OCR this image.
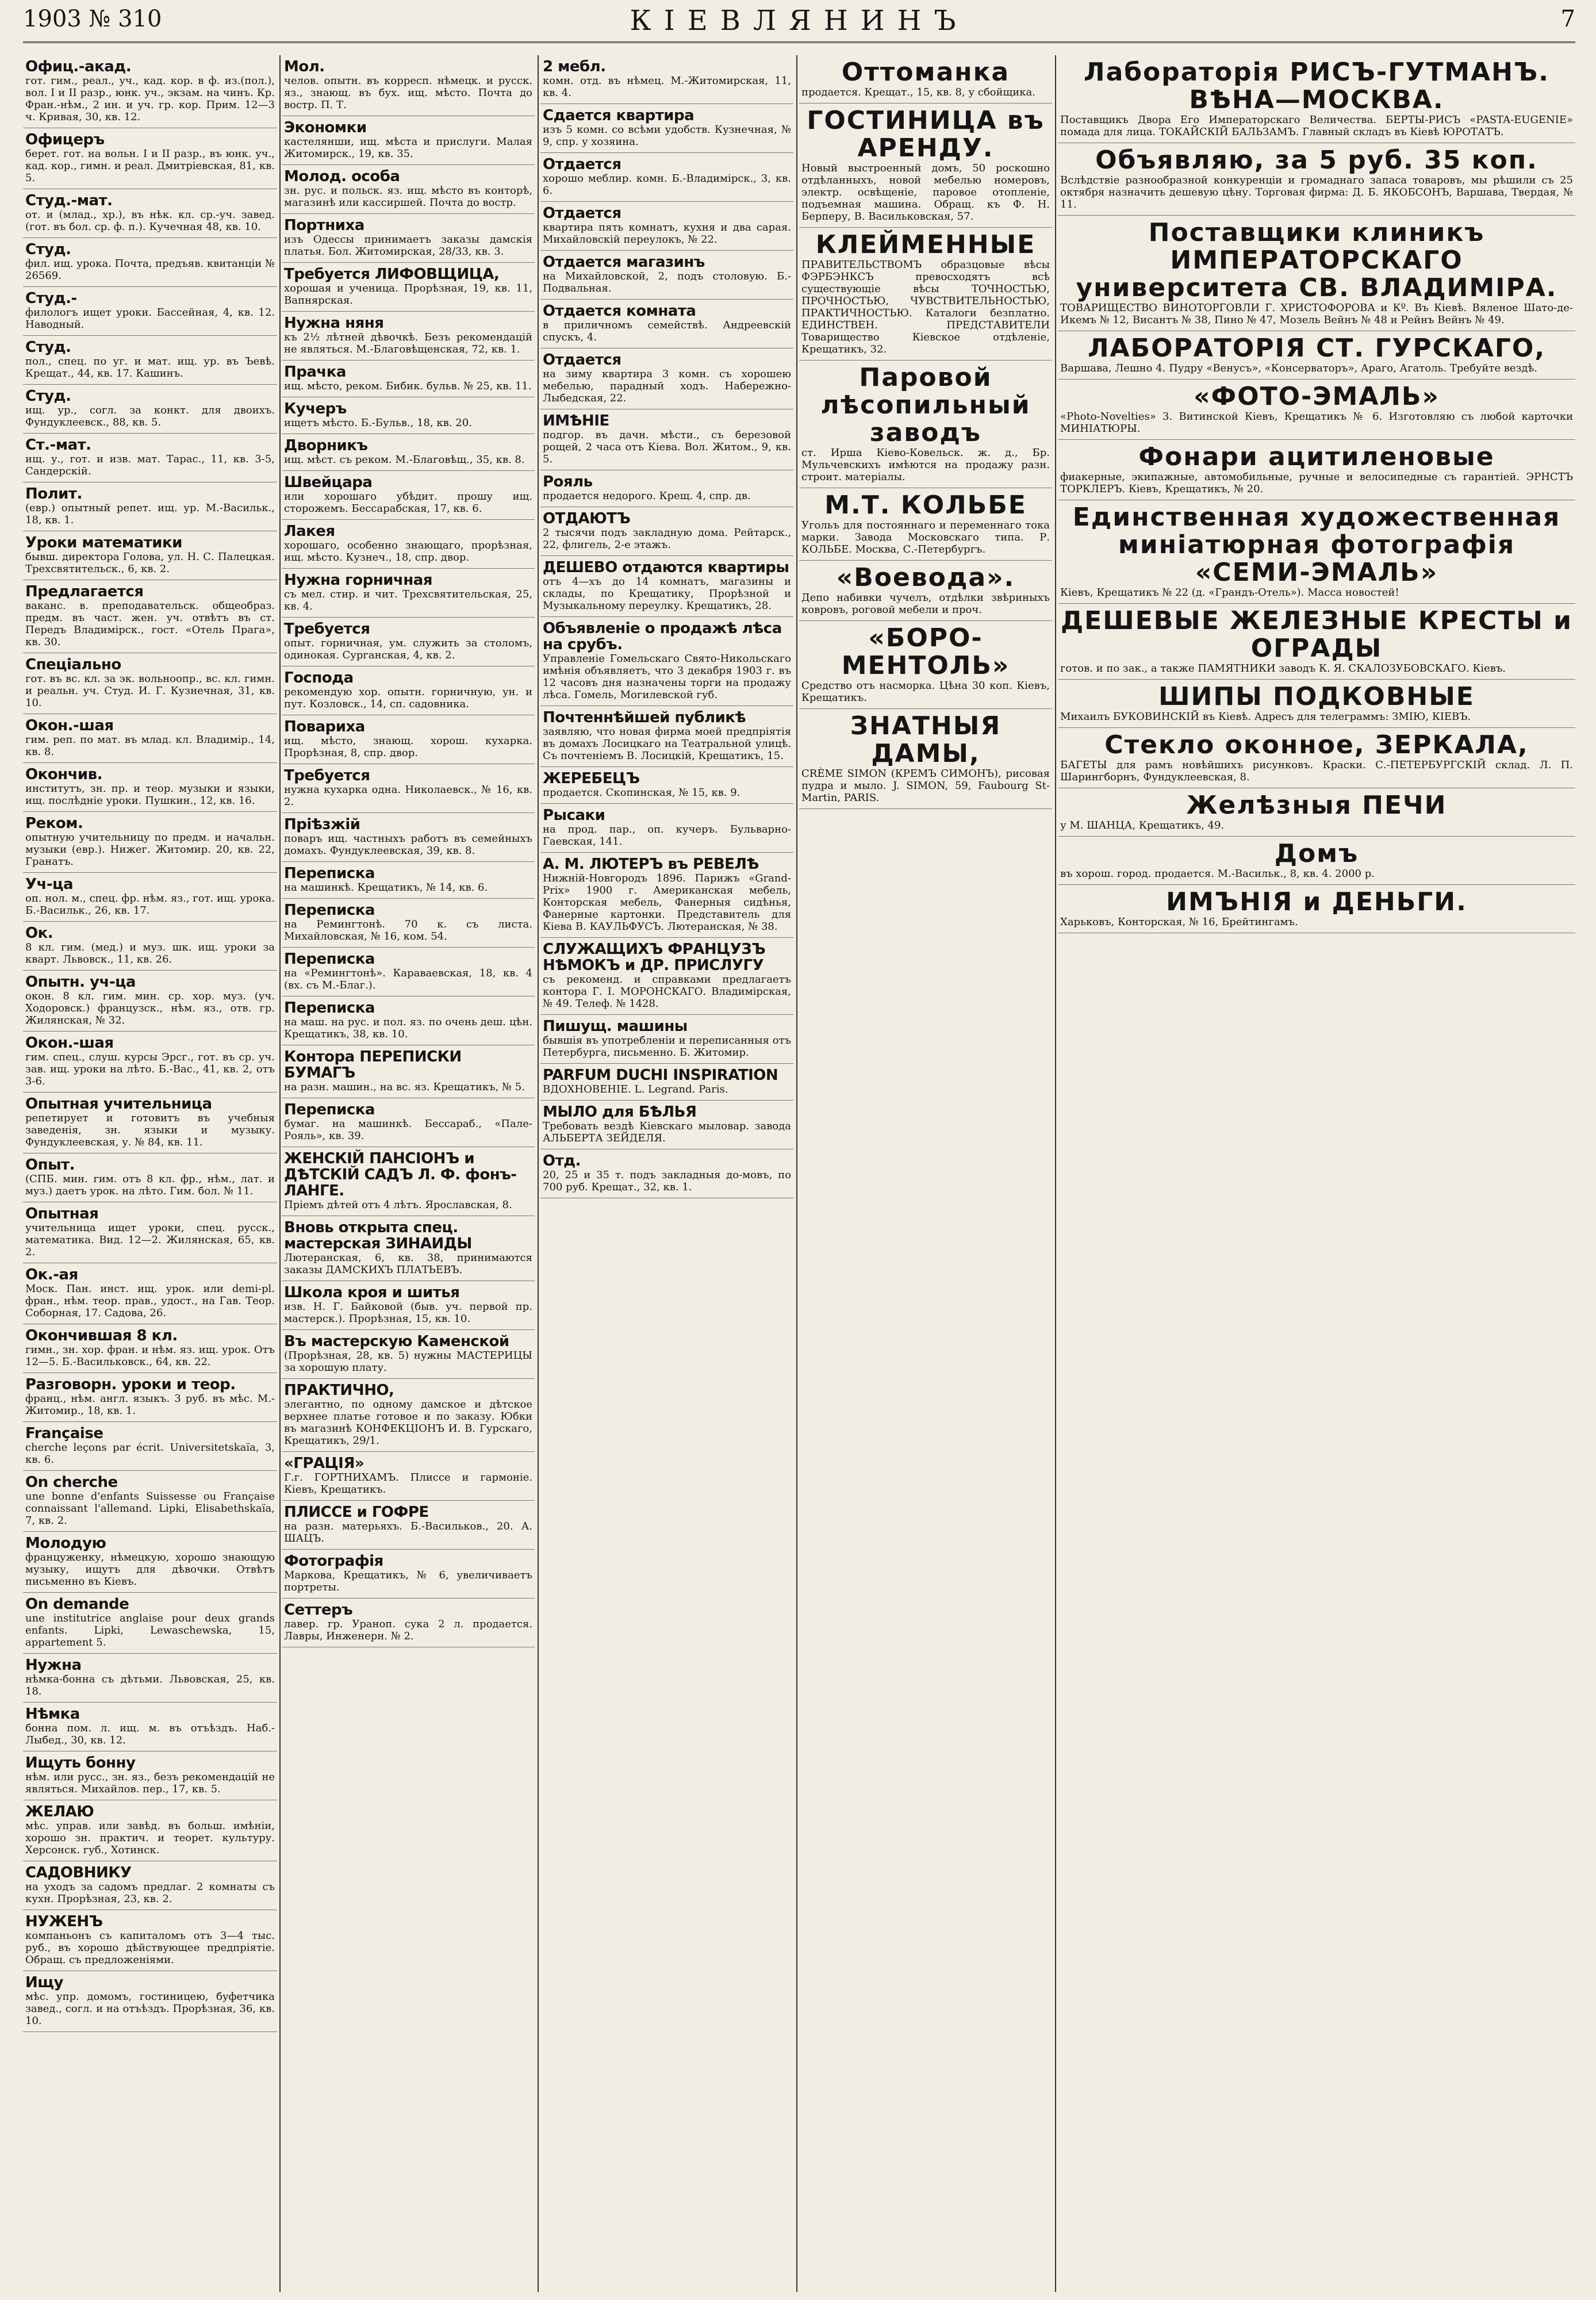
1903 № 310	КІЕВЛЯНИНЪ	7
Офиц.-акад.
гот. гим., реал., уч., кад. кор. в ф. из.(пол.), вол. I и II разр., юнк. уч., экзам. на чинъ. Кр. Фран.-нѣм., 2 ин. и уч. гр. кор. Прим. 12—3 ч. Кривая, 30, кв. 12.
Офицеръ
берет. гот. на вольн. I и II разр., въ юнк. уч., кад. кор., гимн. и реал. Дмитріевская, 81, кв. 5.
Студ.-мат.
от. и (млад., хр.), въ нѣк. кл. ср.-уч. завед. (гот. въ бол. ср. ф. п.). Кучечная 48, кв. 10.
Студ.
фил. ищ. урока. Почта, предъяв. квитанціи № 26569.
Студ.-
филологъ ищет уроки. Бассейная, 4, кв. 12. Наводный.
Студ.
пол., спец. по уг. и мат. ищ. ур. въ Ъевѣ. Крещат., 44, кв. 17. Кашинъ.
Студ.
ищ. ур., согл. за конкт. для двоихъ. Фундуклеевск., 88, кв. 5.
Ст.-мат.
ищ. у., гот. и изв. мат. Тарас., 11, кв. 3-5, Сандерскій.
Полит.
(евр.) опытный репет. ищ. ур. М.-Васильк., 18, кв. 1.
Уроки математики
бывш. директора Голова, ул. Н. С. Палецкая. Трехсвятительск., 6, кв. 2.
Предлагается
ваканс. в. преподавательск. общеобраз. предм. въ част. жен. уч. отвѣтъ въ ст. Передъ Владимірск., гост. «Отель Прага», кв. 30.
Спеціально
гот. въ вс. кл. за эк. вольноопр., вс. кл. гимн. и реальн. уч. Студ. И. Г. Кузнечная, 31, кв. 10.
Окон.-шая
гим. реп. по мат. въ млад. кл. Владимір., 14, кв. 8.
Окончив.
институтъ, зн. пр. и теор. музыки и языки, ищ. послѣдніе уроки. Пушкин., 12, кв. 16.
Реком.
опытную учительницу по предм. и начальн. музыки (евр.). Нижег. Житомир. 20, кв. 22, Гранатъ.
Уч-ца
оп. нол. м., спец. фр. нѣм. яз., гот. ищ. урока. Б.-Васильк., 26, кв. 17.
Ок.
8 кл. гим. (мед.) и муз. шк. ищ. уроки за кварт. Львовск., 11, кв. 26.
Опытн. уч-ца
окон. 8 кл. гим. мин. ср. хор. муз. (уч. Ходоровск.) французск., нѣм. яз., отв. гр. Жилянская, № 32.
Окон.-шая
гим. спец., слуш. курсы Эрсг., гот. въ ср. уч. зав. ищ. уроки на лѣто. Б.-Вас., 41, кв. 2, отъ 3-6.
Опытная учительница
репетирует и готовитъ въ учебныя заведенія, зн. языки и музыку. Фундуклеевская, у. № 84, кв. 11.
Опыт.
(СПБ. мин. гим. отъ 8 кл. фр., нѣм., лат. и муз.) даетъ урок. на лѣто. Гим. бол. № 11.
Опытная
учительница ищет уроки, спец. русск., математика. Вид. 12—2. Жилянская, 65, кв. 2.
Ок.-ая
Моск. Пан. инст. ищ. урок. или demi-pl. фран., нѣм. теор. прав., удост., на Гав. Теор. Соборная, 17. Садова, 26.
Окончившая 8 кл.
гимн., зн. хор. фран. и нѣм. яз. ищ. урок. Отъ 12—5. Б.-Васильковск., 64, кв. 22.
Разговорн. уроки и теор.
франц., нѣм. англ. языкъ. 3 руб. въ мѣс. М.-Житомир., 18, кв. 1.
Française
cherche leçons par écrit. Universitetskaïa, 3, кв. 6.
On cherche
une bonne d'enfants Suissesse ou Française connaissant l'allemand. Lipki, Elisabethskaïa, 7, кв. 2.
Молодую
француженку, нѣмецкую, хорошо знающую музыку, ищутъ для дѣвочки. Отвѣтъ письменно въ Кіевъ.
On demande
une institutrice anglaise pour deux grands enfants. Lipki, Lewaschewska, 15, appartement 5.
Нужна
нѣмка-бонна съ дѣтьми. Львовская, 25, кв. 18.
Нѣмка
бонна пом. л. ищ. м. въ отъѣздъ. Наб.-Лыбед., 30, кв. 12.
Ищуть бонну
нѣм. или русс., зн. яз., безъ рекомендацій не являться. Михайлов. пер., 17, кв. 5.
ЖЕЛАЮ
мѣс. управ. или завѣд. въ больш. имѣніи, хорошо зн. практич. и теорет. культуру. Херсонск. губ., Хотинск.
САДОВНИКУ
на уходъ за садомъ предлаг. 2 комнаты съ кухн. Прорѣзная, 23, кв. 2.
НУЖЕНЪ
компаньонъ съ капиталомъ отъ 3—4 тыс. руб., въ хорошо дѣйствующее предпріятіе. Обращ. съ предложеніями.
Ищу
мѣс. упр. домомъ, гостиницею, буфетчика завед., согл. и на отъѣздъ. Прорѣзная, 36, кв. 10.
Мол.
челов. опытн. въ корресп. нѣмецк. и русск. яз., знающ. въ бух. ищ. мѣсто. Почта до востр. П. Т.
Экономки
кастелянши, ищ. мѣста и прислуги. Малая Житомирск., 19, кв. 35.
Молод. особа
зн. рус. и польск. яз. ищ. мѣсто въ конторѣ, магазинѣ или кассиршей. Почта до востр.
Портниха
изъ Одессы принимаетъ заказы дамскія платья. Бол. Житомирская, 28/33, кв. 3.
Требуется ЛИФОВЩИЦА,
хорошая и ученица. Прорѣзная, 19, кв. 11, Вапнярская.
Нужна няня
къ 2½ лѣтней дѣвочкѣ. Безъ рекомендацій не являться. М.-Благовѣщенская, 72, кв. 1.
Прачка
ищ. мѣсто, реком. Бибик. бульв. № 25, кв. 11.
Кучеръ
ищетъ мѣсто. Б.-Бульв., 18, кв. 20.
Дворникъ
ищ. мѣст. съ реком. М.-Благовѣщ., 35, кв. 8.
Швейцара
или хорошаго убѣдит. прошу ищ. сторожемъ. Бессарабская, 17, кв. 6.
Лакея
хорошаго, особенно знающаго, прорѣзная, ищ. мѣсто. Кузнеч., 18, спр. двор.
Нужна горничная
съ мел. стир. и чит. Трехсвятительская, 25, кв. 4.
Требуется
опыт. горничная, ум. служить за столомъ, одинокая. Сурганская, 4, кв. 2.
Господа
рекомендую хор. опытн. горничную, ун. и пут. Козловск., 14, сп. садовника.
Повариха
ищ. мѣсто, знающ. хорош. кухарка. Прорѣзная, 8, спр. двор.
Требуется
нужна кухарка одна. Николаевск., № 16, кв. 2.
Пріѣзжій
поваръ ищ. частныхъ работъ въ семейныхъ домахъ. Фундуклеевская, 39, кв. 8.
Переписка
на машинкѣ. Крещатикъ, № 14, кв. 6.
Переписка
на Ремингтонѣ. 70 к. съ листа. Михайловская, № 16, ком. 54.
Переписка
на «Ремингтонѣ». Караваевская, 18, кв. 4 (вх. съ М.-Благ.).
Переписка
на маш. на рус. и пол. яз. по очень деш. цѣн. Крещатикъ, 38, кв. 10.
Контора ПЕРЕПИСКИ БУМАГЪ
на разн. машин., на вс. яз. Крещатикъ, № 5.
Переписка
бумаг. на машинкѣ. Бессараб., «Пале-Рояль», кв. 39.
ЖЕНСКІЙ ПАНСІОНЪ и ДѢТСКІЙ САДЪ Л. Ф. фонъ-ЛАНГЕ.
Пріемъ дѣтей отъ 4 лѣтъ. Ярославская, 8.
Вновь открыта спец. мастерская ЗИНАИДЫ
Лютеранская, 6, кв. 38, принимаются заказы ДАМСКИХЪ ПЛАТЬЕВЪ.
Школа кроя и шитья
изв. Н. Г. Байковой (быв. уч. первой пр. мастерск.). Прорѣзная, 15, кв. 10.
Въ мастерскую Каменской
(Прорѣзная, 28, кв. 5) нужны МАСТЕРИЦЫ за хорошую плату.
ПРАКТИЧНО,
элегантно, по одному дамское и дѣтское верхнее платье готовое и по заказу. Юбки въ магазинѣ КОНФЕКЦІОНЪ И. В. Гурскаго, Крещатикъ, 29/1.
«ГРАЦІЯ»
Г.г. ГОРТНИХАМЪ. Плиссе и гармоніе. Кіевъ, Крещатикъ.
ПЛИССЕ и ГОФРЕ
на разн. матерьяхъ. Б.-Васильков., 20. А. ШАЦЪ.
Фотографія
Маркова, Крещатикъ, № 6, увеличиваетъ портреты.
Сеттеръ
лавер. гр. Ураноп. сука 2 л. продается. Лавры, Инженерн. № 2.
2 мебл.
комн. отд. въ нѣмец. М.-Житомирская, 11, кв. 4.
Сдается квартира
изъ 5 комн. со всѣми удобств. Кузнечная, № 9, спр. у хозяина.
Отдается
хорошо меблир. комн. Б.-Владимірск., 3, кв. 6.
Отдается
квартира пять комнатъ, кухня и два сарая. Михайловскій переулокъ, № 22.
Отдается магазинъ
на Михайловской, 2, подъ столовую. Б.-Подвальная.
Отдается комната
в приличномъ семействѣ. Андреевскій спускъ, 4.
Отдается
на зиму квартира 3 комн. съ хорошею мебелью, парадный ходъ. Набережно-Лыбедская, 22.
ИМѢНІЕ
подгор. въ дачн. мѣсти., съ березовой рощей, 2 часа отъ Кіева. Вол. Житом., 9, кв. 5.
Рояль
продается недорого. Крещ. 4, спр. дв.
ОТДАЮТЪ
2 тысячи подъ закладную дома. Рейтарск., 22, флигель, 2-е этажъ.
ДЕШЕВО отдаются квартиры
отъ 4—хъ до 14 комнатъ, магазины и склады, по Крещатику, Прорѣзной и Музыкальному переулку. Крещатикъ, 28.
Объявленіе о продажѣ лѣса на срубъ.
Управленіе Гомельскаго Свято-Никольскаго имѣнія объявляетъ, что 3 декабря 1903 г. въ 12 часовъ дня назначены торги на продажу лѣса. Гомель, Могилевской губ.
Почтеннѣйшей публикѣ
заявляю, что новая фирма моей предпріятія въ домахъ Лосицкаго на Театральной улицѣ. Съ почтеніемъ В. Лосицкій, Крещатикъ, 15.
ЖЕРЕБЕЦЪ
продается. Скопинская, № 15, кв. 9.
Рысаки
на прод. пар., оп. кучеръ. Бульварно-Гаевская, 141.
А. М. ЛЮТЕРЪ въ РЕВЕЛѢ
Нижній-Новгородъ 1896. Парижъ «Grand-Prix» 1900 г. Американская мебель, Конторская мебель, Фанерныя сидѣнья, Фанерные картонки. Представитель для Кіева В. КАУЛЬФУСЪ. Лютеранская, № 38.
СЛУЖАЩИХЪ ФРАНЦУЗЪ НѢМОКЪ и ДР. ПРИСЛУГУ
съ рекоменд. и справками предлагаетъ контора Г. І. МОРОНСКАГО. Владимірская, № 49. Телеф. № 1428.
Пишущ. машины
бывшія въ употребленіи и переписанныя отъ Петербурга, письменно. Б. Житомир.
PARFUM DUCHI INSPIRATION
ВДОХНОВЕНІЕ. L. Legrand. Paris.
МЫЛО для БѢЛЬЯ
Требовать вездѣ Кіевскаго мыловар. завода АЛЬБЕРТА ЗЕЙДЕЛЯ.
Отд.
20, 25 и 35 т. подъ закладныя до-мовъ, по 700 руб. Крещат., 32, кв. 1.
Оттоманка
продается. Крещат., 15, кв. 8, у сбойщика.
ГОСТИНИЦА въ АРЕНДУ.
Новый выстроенный домъ, 50 роскошно отдѣланныхъ, новой мебелью номеровъ, электр. освѣщеніе, паровое отопленіе, подъемная машина. Обращ. къ Ф. Н. Берперу, В. Васильковская, 57.
КЛЕЙМЕННЫЕ
ПРАВИТЕЛЬСТВОМЪ образцовые вѣсы ФЭРБЭНКСЪ превосходятъ всѣ существующіе вѣсы ТОЧНОСТЬЮ, ПРОЧНОСТЬЮ, ЧУВСТВИТЕЛЬНОСТЬЮ, ПРАКТИЧНОСТЬЮ. Каталоги безплатно. ЕДИНСТВЕН. ПРЕДСТАВИТЕЛИ Товарищество Кіевское отдѣленіе, Крещатикъ, 32.
Паровой лѣсопильный заводъ
ст. Ирша Кіево-Ковельск. ж. д., Бр. Мульчевскихъ имѣются на продажу разн. строит. матеріалы.
М.Т. КОЛЬБЕ
Угольъ для постояннаго и переменнаго тока марки. Завода Московскаго типа. Р. КОЛЬБЕ. Москва, С.-Петербургъ.
«Воевода».
Депо набивки чучелъ, отдѣлки звѣриныхъ ковровъ, роговой мебели и проч.
«БОРО-МЕНТОЛЬ»
Средство отъ насморка. Цѣна 30 коп. Кіевъ, Крещатикъ.
ЗНАТНЫЯ ДАМЫ,
CRÈME SIMON (КРЕМЪ СИМОНЪ), рисовая пудра и мыло. J. SIMON, 59, Faubourg St-Martin, PARIS.
Лабораторія РИСЪ-ГУТМАНЪ. ВѢНА—МОСКВА.
Поставщикъ Двора Его Императорскаго Величества. БЕРТЫ-РИСЪ «PASTA-EUGENIE» помада для лица. ТОКАЙСКІЙ БАЛЬЗАМЪ. Главный складъ въ Кіевѣ ЮРОТАТЪ.
Объявляю, за 5 руб. 35 коп.
Вслѣдствіе разнообразной конкуренціи и громаднаго запаса товаровъ, мы рѣшили съ 25 октября назначить дешевую цѣну. Торговая фирма: Д. Б. ЯКОБСОНЪ, Варшава, Твердая, № 11.
Поставщики клиникъ ИМПЕРАТОРСКАГО университета СВ. ВЛАДИМІРА.
ТОВАРИЩЕСТВО ВИНОТОРГОВЛИ Г. ХРИСТОФОРОВА и Кº. Въ Кіевѣ. Вяленое Шато-де-Икемъ № 12, Висантъ № 38, Пино № 47, Мозель Вейнъ № 48 и Рейнъ Вейнъ № 49.
ЛАБОРАТОРІЯ СТ. ГУРСКАГО,
Варшава, Лешно 4. Пудру «Венусъ», «Консерваторъ», Араго, Агатоль. Требуйте вездѣ.
«ФОТО-ЭМАЛЬ»
«Photo-Novelties» 3. Витинской Кіевъ, Крещатикъ № 6. Изготовляю съ любой карточки МИНІАТЮРЫ.
Фонари ацитиленовые
фиакерные, экипажные, автомобильные, ручные и велосипедные съ гарантіей. ЭРНСТЪ ТОРКЛЕРЪ. Кіевъ, Крещатикъ, № 20.
Единственная художественная миніатюрная фотографія «СЕМИ-ЭМАЛЬ»
Кіевъ, Крещатикъ № 22 (д. «Грандъ-Отель»). Масса новостей!
ДЕШЕВЫЕ ЖЕЛЕЗНЫЕ КРЕСТЫ и ОГРАДЫ
готов. и по зак., а также ПАМЯТНИКИ заводъ К. Я. СКАЛОЗУБОВСКАГО. Кіевъ.
ШИПЫ ПОДКОВНЫЕ
Михаилъ БУКОВИНСКІЙ въ Кіевѣ. Адресъ для телеграммъ: ЗМІЮ, КІЕВЪ.
Стекло оконное, ЗЕРКАЛА,
БАГЕТЫ для рамъ новѣйшихъ рисунковъ. Краски. С.-ПЕТЕРБУРГСКІЙ склад. Л. П. Шарингборнъ, Фундуклеевская, 8.
Желѣзныя ПЕЧИ
у М. ШАНЦА, Крещатикъ, 49.
Домъ
въ хорош. город. продается. М.-Васильк., 8, кв. 4. 2000 р.
ИМЪНІЯ и ДЕНЬГИ.
Харьковъ, Конторская, № 16, Брейтингамъ.
